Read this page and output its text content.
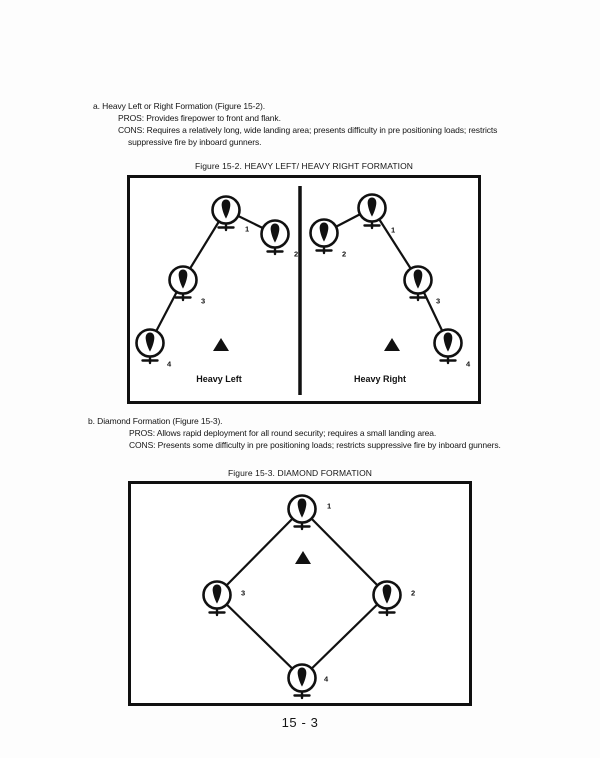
a. Heavy Left or Right Formation (Figure 15-2).
PROS: Provides firepower to front and flank.
CONS: Requires a relatively long, wide landing area; presents difficulty in pre positioning loads; restricts
suppressive fire by inboard gunners.
Figure 15-2. HEAVY LEFT/ HEAVY RIGHT FORMATION
1
2
3
4
Heavy Left
1
2
3
4
Heavy Right
b. Diamond Formation (Figure 15-3).
PROS: Allows rapid deployment for all round security; requires a small landing area.
CONS: Presents some difficulty in pre positioning loads; restricts suppressive fire by inboard gunners.
Figure 15-3. DIAMOND FORMATION
1
2
3
4
15 - 3
